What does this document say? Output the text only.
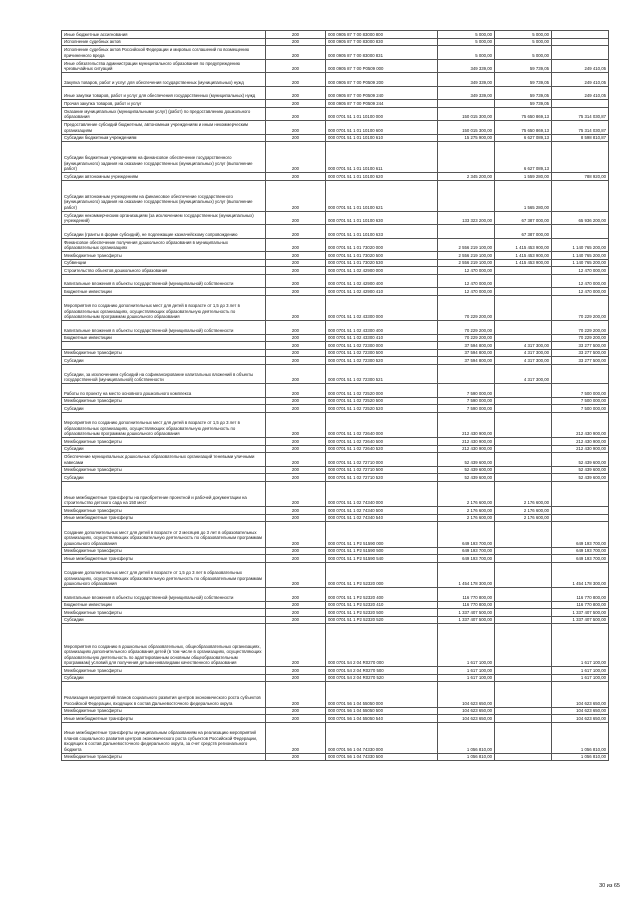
Иные бюджетные ассигнования	200	000 0905 87 7 00 83000 800	5 000,00	5 000,00	
Исполнение судебных актов	200	000 0905 87 7 00 83000 830	5 000,00	5 000,00	
Исполнение судебных актов Российской Федерации и мировых соглашений по возмещению причиненного вреда	200	000 0905 87 7 00 83000 831	5 000,00	5 000,00	
Иные обязательства администрации муниципального образования по предупреждению чрезвычайных ситуаций	200	000 0905 87 7 00 P0509 000	349 339,00	59 739,05	249 410,05
Закупка товаров, работ и услуг для обеспечения государственных (муниципальных) нужд	200	000 0905 87 7 00 P0509 200	349 339,00	59 739,05	249 410,05
Иные закупки товаров, работ и услуг для обеспечения государственных (муниципальных) нужд	200	000 0905 87 7 00 P0509 240	349 339,00	59 739,05	249 410,05
Прочая закупка товаров, работ и услуг	200	000 0905 87 7 00 P0509 244		59 739,05	
Оказание муниципальных (муниципальными услуг) (работ) по предоставлению дошкольного образования	200	000 0701 51 1 01 10100 000	150 015 300,00	75 650 869,13	75 314 030,87
Предоставление субсидий бюджетным, автономным учреждениям и иным некоммерческим организациям	200	000 0701 51 1 01 10100 600	150 015 300,00	75 650 869,13	75 314 030,87
Субсидии бюджетным учреждениям	200	000 0701 51 1 01 10100 610	15 275 900,00	6 627 089,13	8 598 810,87
Субсидии бюджетным учреждениям на финансовое обеспечение государственного (муниципального) задания на оказание государственных (муниципальных) услуг (выполнение работ)	200	000 0701 51 1 01 10100 611		6 627 089,13	
Субсидии автономным учреждениям	200	000 0701 51 1 01 10100 620	2 345 200,00	1 559 280,00	788 920,00
Субсидии автономным учреждениям на финансовое обеспечение государственного (муниципального) задания на оказание государственных (муниципальных) услуг (выполнение работ)	200	000 0701 51 1 01 10100 621		1 565 280,00	
Субсидии некоммерческим организациям (за исключением государственных (муниципальных) учреждений)	200	000 0701 51 1 01 10100 630	133 323 200,00	67 387 000,00	65 936 200,00
Субсидии (гранты в форме субсидий), не подлежащие казначейскому сопровождению	200	000 0701 51 1 01 10100 633		67 387 000,00	
Финансовое обеспечение получения дошкольного образования в муниципальных образовательных организациях	200	000 0701 51 1 01 73020 000	2 556 219 100,00	1 415 453 900,00	1 140 765 200,00
Межбюджетные трансферты	200	000 0701 51 1 01 73020 500	2 556 219 100,00	1 415 453 900,00	1 140 765 200,00
Субвенции	200	000 0701 51 1 01 73020 530	2 556 219 100,00	1 415 453 900,00	1 140 765 200,00
Строительство объектов дошкольного образования	200	000 0701 51 1 02 42900 000	12 470 000,00		12 470 000,00
Капитальные вложения в объекты государственной (муниципальной) собственности	200	000 0701 51 1 02 42900 400	12 470 000,00		12 470 000,00
Бюджетные инвестиции	200	000 0701 51 1 02 42900 410	12 470 000,00		12 470 000,00
Мероприятия по созданию дополнительных мест для детей в возрасте от 1,5 до 3 лет в образовательных организациях, осуществляющих образовательную деятельность по образовательным программам дошкольного образования	200	000 0701 51 1 02 43300 000	70 229 200,00		70 229 200,00
Капитальные вложения в объекты государственной (муниципальной) собственности	200	000 0701 51 1 02 43300 400	70 229 200,00		70 229 200,00
Бюджетные инвестиции	200	000 0701 51 1 02 43300 410	70 229 200,00		70 229 200,00
	200	000 0701 51 1 02 72300 000	37 594 800,00	4 317 300,00	33 277 500,00
Межбюджетные трансферты	200	000 0701 51 1 02 72300 500	37 594 800,00	4 317 300,00	33 277 500,00
Субсидии	200	000 0701 51 1 02 72300 520	37 594 800,00	4 317 300,00	33 277 500,00
Субсидии, за исключением субсидий на софинансирование капитальных вложений в объекты государственной (муниципальной) собственности	200	000 0701 51 1 02 72300 521		4 317 300,00	
Работы по проекту на место основного дошкольного комплекса	200	000 0701 51 1 02 72520 000	7 590 000,00		7 500 000,00
Межбюджетные трансферты	200	000 0701 51 1 02 72520 500	7 590 000,00		7 500 000,00
Субсидии	200	000 0701 51 1 02 72520 520	7 590 000,00		7 500 000,00
Мероприятия по созданию дополнительных мест для детей в возрасте от 1,5 до 3 лет в образовательных организациях, осуществляющих образовательную деятельность по образовательным программам дошкольного образования	200	000 0701 51 1 02 72640 000	212 430 900,00		212 430 900,00
Межбюджетные трансферты	200	000 0701 51 1 02 72640 500	212 430 900,00		212 430 900,00
Субсидии	200	000 0701 51 1 02 72640 520	212 430 900,00		212 430 900,00
Обеспечение муниципальных дошкольных образовательных организаций теневыми уличными навесами	200	000 0701 51 1 02 72710 000	52 439 600,00		52 439 600,00
Межбюджетные трансферты	200	000 0701 51 1 02 72710 500	52 439 600,00		52 439 600,00
Субсидии	200	000 0701 51 1 02 72710 520	52 439 600,00		52 439 600,00
Иные межбюджетные трансферты на приобретение проектной и рабочей документации на строительство детского сада на 150 мест	200	000 0701 51 1 02 74340 000	2 176 600,00	2 176 600,00	
Межбюджетные трансферты	200	000 0701 51 1 02 74340 500	2 176 600,00	2 176 600,00	
Иные межбюджетные трансферты	200	000 0701 51 1 02 74340 540	2 176 600,00	2 176 600,00	
Создание дополнительных мест для детей в возрасте от 2 месяцев до 3 лет в образовательных организациях, осуществляющих образовательную деятельность по образовательным программам дошкольного образования	200	000 0701 51 1 P2 51590 000	649 193 700,00		649 193 700,00
Межбюджетные трансферты	200	000 0701 51 1 P2 51590 500	649 193 700,00		649 193 700,00
Иные межбюджетные трансферты	200	000 0701 51 1 P2 51590 540	649 193 700,00		649 193 700,00
Создание дополнительных мест для детей в возрасте от 1,5 до 3 лет в образовательных организациях, осуществляющих образовательную деятельность по образовательным программам дошкольного образования	200	000 0701 51 1 P2 52320 000	1 454 178 300,00		1 454 178 300,00
Капитальные вложения в объекты государственной (муниципальной) собственности	200	000 0701 51 1 P2 52320 400	116 770 800,00		116 770 800,00
Бюджетные инвестиции	200	000 0701 51 1 P2 52320 410	116 770 800,00		116 770 800,00
Межбюджетные трансферты	200	000 0701 51 1 P2 52320 500	1 337 407 500,00		1 337 407 500,00
Субсидии	200	000 0701 51 1 P2 52320 520	1 337 407 500,00		1 337 407 500,00
Мероприятия по созданию в дошкольных образовательных, общеобразовательных организациях, организациях дополнительного образования детей (в том числе в организациях, осуществляющих образовательную деятельность по адаптированным основным общеобразовательным программам) условий для получения детьми-инвалидами качественного образования	200	000 0701 54 2 04 R0270 000	1 617 100,00		1 617 100,00
Межбюджетные трансферты	200	000 0701 54 2 04 R0270 500	1 617 100,00		1 617 100,00
Субсидии	200	000 0701 54 2 04 R0270 520	1 617 100,00		1 617 100,00
Реализация мероприятий планов социального развития центров экономического роста субъектов Российской Федерации, входящих в состав Дальневосточного федерального округа	200	000 0701 56 1 04 55050 000	104 623 650,00		104 623 650,00
Межбюджетные трансферты	200	000 0701 56 1 04 55050 500	104 623 650,00		104 623 650,00
Иные межбюджетные трансферты	200	000 0701 56 1 04 55050 540	104 623 650,00		104 623 650,00
Иные межбюджетные трансферты муниципальным образованиям на реализацию мероприятий планов социального развития центров экономического роста субъектов Российской Федерации, входящих в состав Дальневосточного федерального округа, за счет средств регионального бюджета	200	000 0701 56 1 04 74330 000	1 056 810,00		1 056 810,00
Межбюджетные трансферты	200	000 0701 56 1 04 74330 500	1 056 810,00		1 056 810,00
30 из 65
